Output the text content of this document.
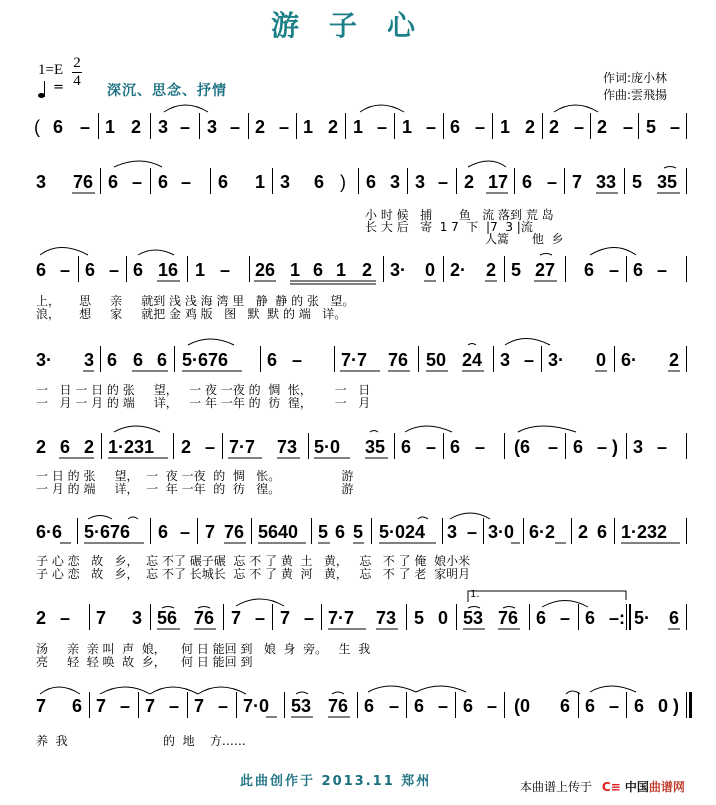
游子心
1=E 2
4
=	深沉、思念、抒情
作词:庞小林
作曲:雲飛揚
( 6 – 1 2 3 – 3 – 2 – 1 2 1 – 1 – 6 – 1 2 2 – 2 – 5 –
3 76 6 – 6 – 6 1 3 6 ) 6 3 3 – 2 17 6 – 7 33 5 35
小 时 候   捕       鱼   流 落到 荒 岛
长 大 后   寄  1 7  下  |7  3 |流
人篙      他  乡
6 – 6 – 6 16 1 – 26 1 6 1 2 3· 0 2· 2 5 27 6 – 6 –
上，     思     亲     就到 浅 浅 海 湾 里   静  静 的 张   望。
浪，     想     家     就把 金 鸡 版   图   默  默 的 端   详。
3· 3 6 6 6 5·676 6 – 7·7 76 50 24 3 – 3· 0 6· 2
一   日 一 日 的 张     望，   一 夜 一夜 的  惆  怅，      一   日
一   月 一 月 的 端     详，   一 年 一年 的  彷  徨，      一   月
2 6 2 1·231 2 – 7·7 73 5·0 35 6 – 6 – (6 – 6 – ) 3 –
一 日 的 张     望，  一  夜 一夜  的  惆   怅。                游
一 月 的 端     详，  一  年 一年  的  彷   徨。                游
6·6 5·676 6 – 7 76 5640 5 6 5 5·024 3 – 3·0 6·2 2 6 1·232
子 心 恋   故   乡，  忘 不了 碾子碾  忘 不 了 黄  土   黄，   忘   不 了 俺  娘小米
子 心 恋   故   乡，  忘 不了 长城长  忘 不 了 黄  河   黄，   忘   不 了 老  家明月
2 – 7 3 56 76 7 – 7 – 7·7 73 5 0 53 76 6 – 6 –: 5· 6
汤     亲  亲 叫  声  娘，    何 日 能回 到   娘  身  旁。   生  我
亮     轻  轻 唤  故  乡，    何 日 能回 到
1.
7 6 7 – 7 – 7 – 7·0 53 76 6 – 6 – 6 – (0 6 6 – 6 0 )
养  我                         的  地    方……
此曲创作于 2013.11 郑州	本曲谱上传于 C≡ 中国曲谱网
